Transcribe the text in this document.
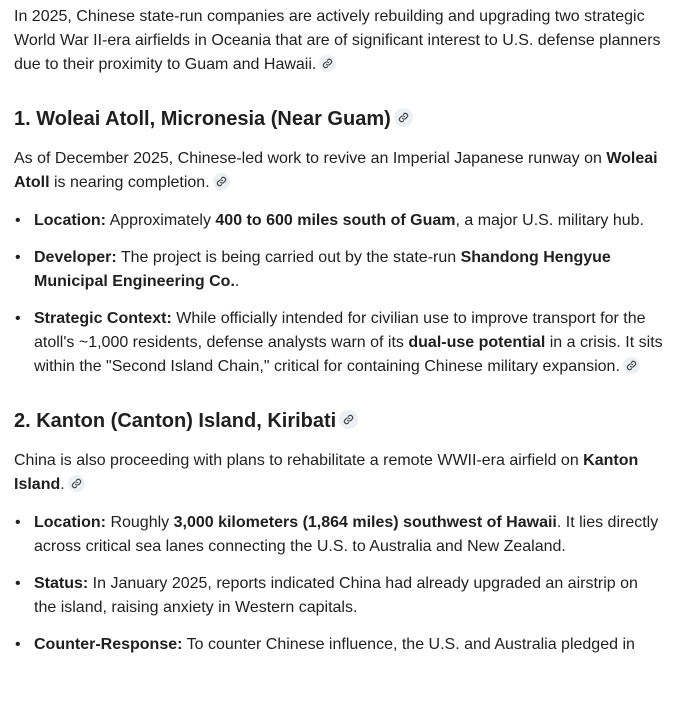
In 2025, Chinese state-run companies are actively rebuilding and upgrading two strategic World War II-era airfields in Oceania that are of significant interest to U.S. defense planners due to their proximity to Guam and Hawaii.

1. Woleai Atoll, Micronesia (Near Guam)

As of December 2025, Chinese-led work to revive an Imperial Japanese runway on Woleai Atoll is nearing completion.

• Location: Approximately 400 to 600 miles south of Guam, a major U.S. military hub.
• Developer: The project is being carried out by the state-run Shandong Hengyue Municipal Engineering Co..
• Strategic Context: While officially intended for civilian use to improve transport for the atoll's ~1,000 residents, defense analysts warn of its dual-use potential in a crisis. It sits within the "Second Island Chain," critical for containing Chinese military expansion.
2. Kanton (Canton) Island, Kiribati

China is also proceeding with plans to rehabilitate a remote WWII-era airfield on Kanton Island.

• Location: Roughly 3,000 kilometers (1,864 miles) southwest of Hawaii. It lies directly across critical sea lanes connecting the U.S. to Australia and New Zealand.
• Status: In January 2025, reports indicated China had already upgraded an airstrip on the island, raising anxiety in Western capitals.
• Counter-Response: To counter Chinese influence, the U.S. and Australia pledged in
